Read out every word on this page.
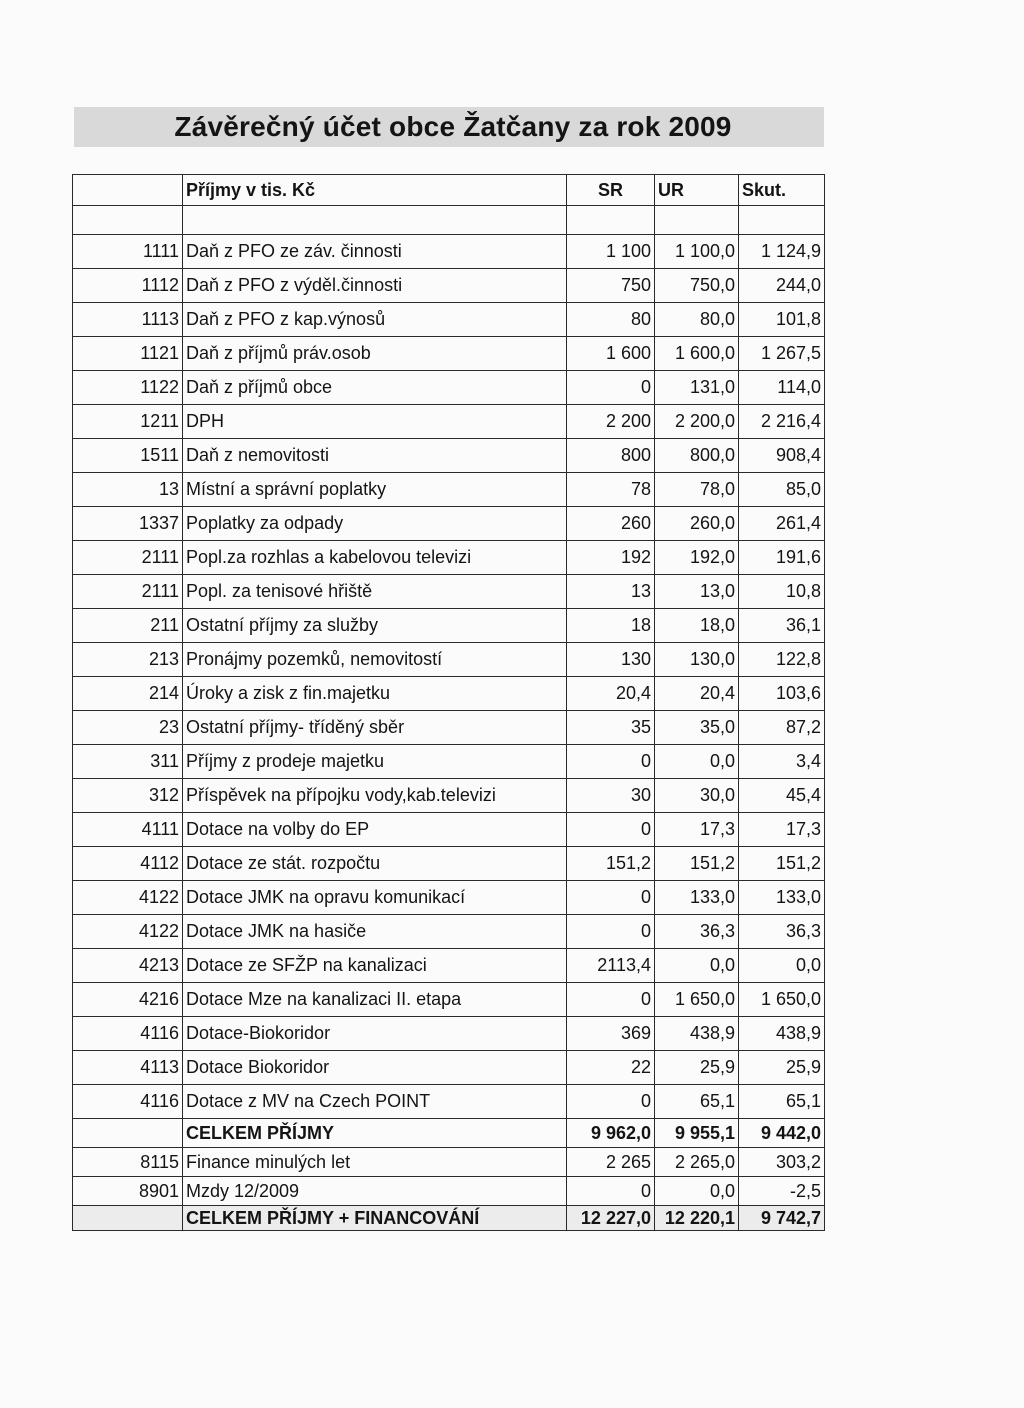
Závěrečný účet obce Žatčany za rok 2009
	Příjmy v tis. Kč	SR	UR	Skut.

1111	Daň z PFO ze záv. činnosti	1 100	1 100,0	1 124,9
1112	Daň z PFO z výděl.činnosti	750	750,0	244,0
1113	Daň z PFO z kap.výnosů	80	80,0	101,8
1121	Daň z příjmů práv.osob	1 600	1 600,0	1 267,5
1122	Daň z příjmů obce	0	131,0	114,0
1211	DPH	2 200	2 200,0	2 216,4
1511	Daň z nemovitosti	800	800,0	908,4
13	Místní a správní poplatky	78	78,0	85,0
1337	Poplatky za odpady	260	260,0	261,4
2111	Popl.za rozhlas a kabelovou televizi	192	192,0	191,6
2111	Popl. za tenisové hřiště	13	13,0	10,8
211	Ostatní příjmy za služby	18	18,0	36,1
213	Pronájmy pozemků, nemovitostí	130	130,0	122,8
214	Úroky a zisk z fin.majetku	20,4	20,4	103,6
23	Ostatní příjmy- tříděný sběr	35	35,0	87,2
311	Příjmy z prodeje majetku	0	0,0	3,4
312	Příspěvek na přípojku vody,kab.televizi	30	30,0	45,4
4111	Dotace na volby do EP	0	17,3	17,3
4112	Dotace ze stát. rozpočtu	151,2	151,2	151,2
4122	Dotace JMK na opravu komunikací	0	133,0	133,0
4122	Dotace JMK na hasiče	0	36,3	36,3
4213	Dotace ze SFŽP na kanalizaci	2113,4	0,0	0,0
4216	Dotace Mze na kanalizaci II. etapa	0	1 650,0	1 650,0
4116	Dotace-Biokoridor	369	438,9	438,9
4113	Dotace Biokoridor	22	25,9	25,9
4116	Dotace z MV na Czech POINT	0	65,1	65,1
	CELKEM PŘÍJMY	9 962,0	9 955,1	9 442,0
8115	Finance minulých let	2 265	2 265,0	303,2
8901	Mzdy 12/2009	0	0,0	-2,5
	CELKEM PŘÍJMY + FINANCOVÁNÍ	12 227,0	12 220,1	9 742,7
